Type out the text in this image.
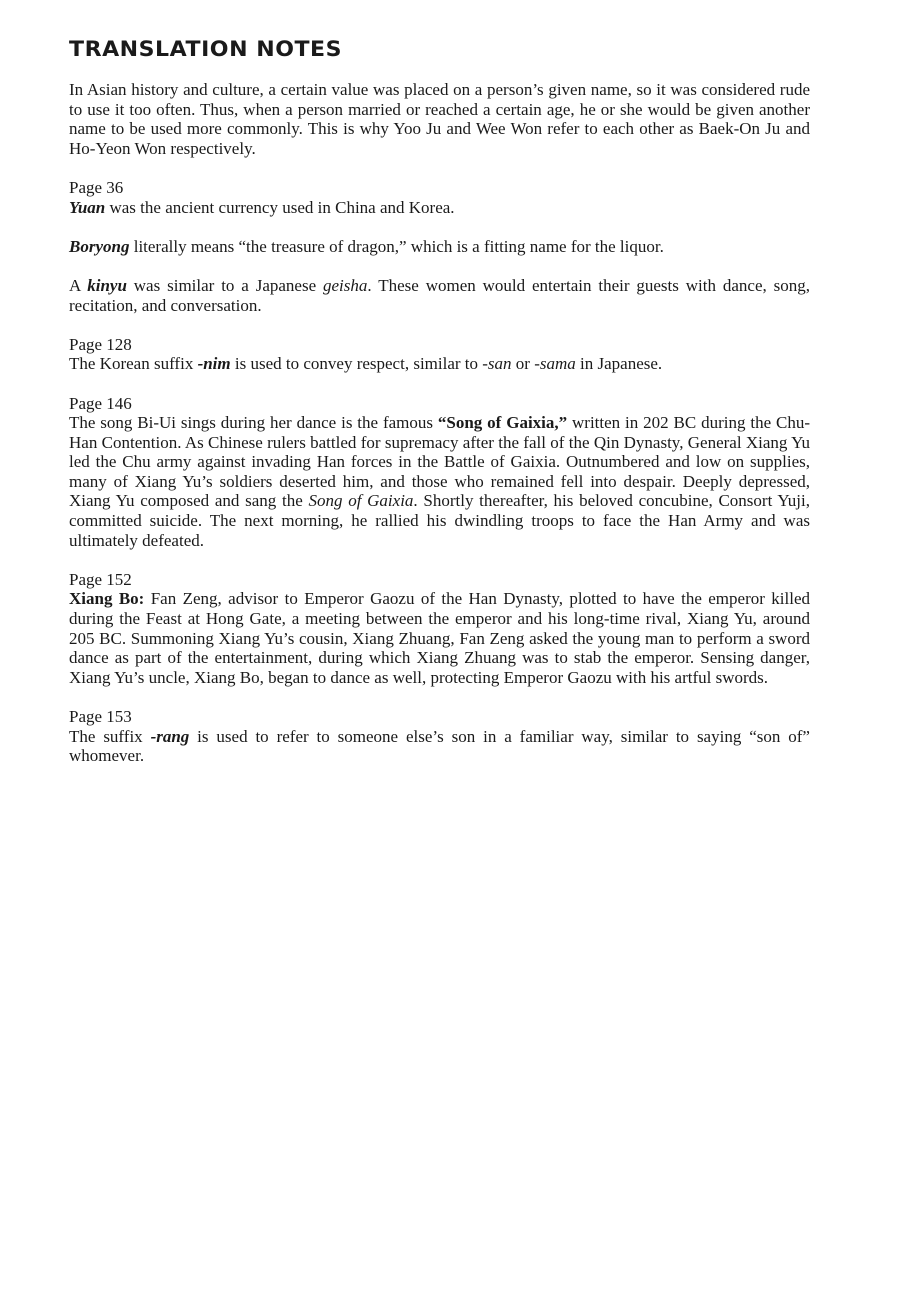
TRANSLATION NOTES

In Asian history and culture, a certain value was placed on a person’s given name, so it was considered rude to use it too often. Thus, when a person married or reached a certain age, he or she would be given another name to be used more commonly. This is why Yoo Ju and Wee Won refer to each other as Baek-On Ju and Ho-Yeon Won respectively.

Page 36
Yuan was the ancient currency used in China and Korea.

Boryong literally means “the treasure of dragon,” which is a fitting name for the liquor.

A kinyu was similar to a Japanese geisha. These women would entertain their guests with dance, song, recitation, and conversation.

Page 128
The Korean suffix -nim is used to convey respect, similar to -san or -sama in Japanese.

Page 146
The song Bi-Ui sings during her dance is the famous “Song of Gaixia,” written in 202 BC during the Chu-Han Contention. As Chinese rulers battled for supremacy after the fall of the Qin Dynasty, General Xiang Yu led the Chu army against invading Han forces in the Battle of Gaixia. Outnumbered and low on supplies, many of Xiang Yu’s soldiers deserted him, and those who remained fell into despair. Deeply depressed, Xiang Yu composed and sang the Song of Gaixia. Shortly thereafter, his beloved concubine, Consort Yuji, committed suicide. The next morning, he rallied his dwindling troops to face the Han Army and was ultimately defeated.

Page 152
Xiang Bo: Fan Zeng, advisor to Emperor Gaozu of the Han Dynasty, plotted to have the emperor killed during the Feast at Hong Gate, a meeting between the emperor and his long-time rival, Xiang Yu, around 205 BC. Summoning Xiang Yu’s cousin, Xiang Zhuang, Fan Zeng asked the young man to perform a sword dance as part of the entertainment, during which Xiang Zhuang was to stab the emperor. Sensing danger, Xiang Yu’s uncle, Xiang Bo, began to dance as well, protecting Emperor Gaozu with his artful swords.

Page 153
The suffix -rang is used to refer to someone else’s son in a familiar way, similar to saying “son of” whomever.
